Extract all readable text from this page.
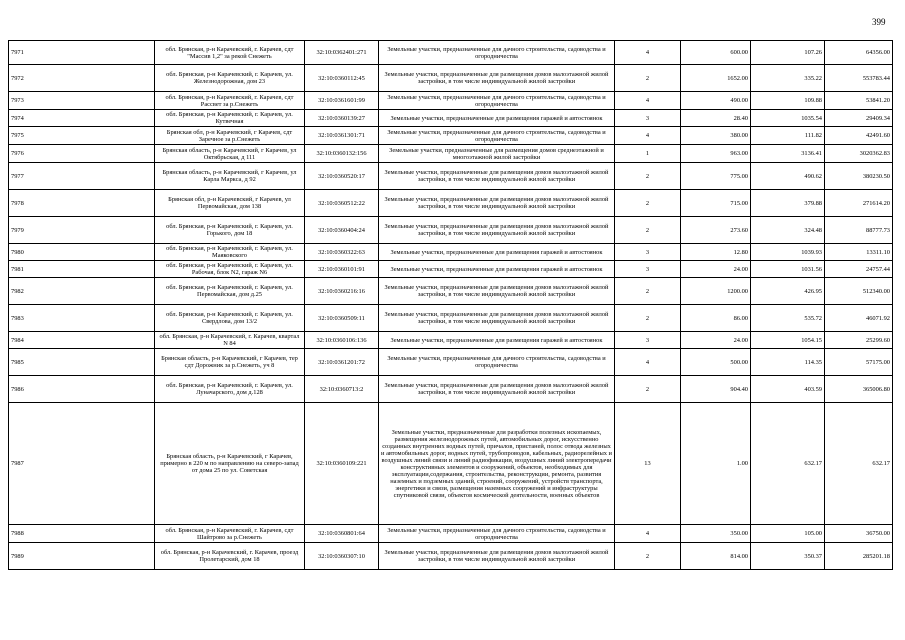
399
7971	обл. Брянская, р-н Карачевский, г. Карачев, сдт "Массив 1,2" за рекой Снежеть	32:10:0362401:271	Земельные участки, предназначенные для дачного строительства, садоводства и огородничества	4	600.00	107.26	64356.00
7972	обл. Брянская, р-н Карачевский, г. Карачев, ул. Железнодорожная, дом 23	32:10:0360112:45	Земельные участки, предназначенные для размещения домов малоэтажной жилой застройки, в том числе индивидуальной жилой застройки	2	1652.00	335.22	553783.44
7973	обл. Брянская, р-н Карачевский, г. Карачев, сдт Рассвет за р.Снежеть	32:10:0361601:99	Земельные участки, предназначенные для дачного строительства, садоводства и огородничества	4	490.00	109.88	53841.20
7974	обл. Брянская, р-н Карачевский, г. Карачев, ул. Кутвечная	32:10:0360139:27	Земельные участки, предназначенные для размещения гаражей и автостоянок	3	28.40	1035.54	29409.34
7975	Брянская обл, р-н Карачевский, г Карачев, сдт Заречное за р.Снежеть	32:10:0361301:71	Земельные участки, предназначенные для дачного строительства, садоводства и огородничества	4	380.00	111.82	42491.60
7976	Брянская область, р-н Карачевский, г Карачев, ул Октябрьская, д 111	32:10:0360132:156	Земельные участки, предназначенные для размещения домов среднеэтажной и многоэтажной жилой застройки	1	963.00	3136.41	3020362.83
7977	Брянская область, р-н Карачевский, г Карачев, ул Карла Маркса, д 92	32:10:0360520:17	Земельные участки, предназначенные для размещения домов малоэтажной жилой застройки, в том числе индивидуальной жилой застройки	2	775.00	490.62	380230.50
7978	Брянская обл, р-н Карачевский, г Карачев, ул Первомайская, дом 138	32:10:0360512:22	Земельные участки, предназначенные для размещения домов малоэтажной жилой застройки, в том числе индивидуальной жилой застройки	2	715.00	379.88	271614.20
7979	обл. Брянская, р-н Карачевский, г. Карачев, ул. Горького, дом 18	32:10:0360404:24	Земельные участки, предназначенные для размещения домов малоэтажной жилой застройки, в том числе индивидуальной жилой застройки	2	273.60	324.48	88777.73
7980	обл. Брянская, р-н Карачевский, г. Карачев, ул. Маяковского	32:10:0360322:63	Земельные участки, предназначенные для размещения гаражей и автостоянок	3	12.80	1039.93	13311.10
7981	обл. Брянская, р-н Карачевский, г. Карачев, ул. Рабочая, блок N2, гараж N6	32:10:0360101:91	Земельные участки, предназначенные для размещения гаражей и автостоянок	3	24.00	1031.56	24757.44
7982	обл. Брянская, р-н Карачевский, г. Карачев, ул. Первомайская, дом д.25	32:10:0360216:16	Земельные участки, предназначенные для размещения домов малоэтажной жилой застройки, в том числе индивидуальной жилой застройки	2	1200.00	426.95	512340.00
7983	обл. Брянская, р-н Карачевский, г. Карачев, ул. Свердлова, дом 13/2	32:10:0360509:11	Земельные участки, предназначенные для размещения домов малоэтажной жилой застройки, в том числе индивидуальной жилой застройки	2	86.00	535.72	46071.92
7984	обл. Брянская, р-н Карачевский, г. Карачев, квартал N 84	32:10:0360106:136	Земельные участки, предназначенные для размещения гаражей и автостоянок	3	24.00	1054.15	25299.60
7985	Брянская область, р-н Карачевский, г Карачев, тер сдт Дорожник за р.Снежеть, уч 8	32:10:0361201:72	Земельные участки, предназначенные для дачного строительства, садоводства и огородничества	4	500.00	114.35	57175.00
7986	обл. Брянская, р-н Карачевский, г. Карачев, ул. Луначарского, дом д.128	32:10:0360713:2	Земельные участки, предназначенные для размещения домов малоэтажной жилой застройки, в том числе индивидуальной жилой застройки	2	904.40	403.59	365006.80
7987	Брянская область, р-н Карачевский, г Карачев, примерно в 220 м по направлению на северо-запад от дома 25 по ул. Советская	32:10:0360109:221	Земельные участки, предназначенные для разработки полезных ископаемых, размещения железнодорожных путей, автомобильных дорог, искусственно созданных внутренних водных путей, причалов, пристаней, полос отвода железных и автомобильных дорог, водных путей, трубопроводов, кабельных, радиорелейных и воздушных линий связи и линий радиофикации, воздушных линий электропередачи конструктивных элементов и сооружений, объектов, необходимых для эксплуатации,содержания, строительства, реконструкции, ремонта, развития наземных и подземных зданий, строений, сооружений, устройств транспорта, энергетики и связи, размещения наземных сооружений и инфраструктуры спутниковой связи, объектов космической деятельности, военных объектов	13	1.00	632.17	632.17
7988	обл. Брянская, р-н Карачевский, г. Карачев, сдт Шайтрово за р.Снежеть	32:10:0360801:64	Земельные участки, предназначенные для дачного строительства, садоводства и огородничества	4	350.00	105.00	36750.00
7989	обл. Брянская, р-н Карачевский, г. Карачев, проезд Пролетарский, дом 18	32:10:0360307:10	Земельные участки, предназначенные для размещения домов малоэтажной жилой застройки, в том числе индивидуальной жилой застройки	2	814.00	350.37	285201.18
